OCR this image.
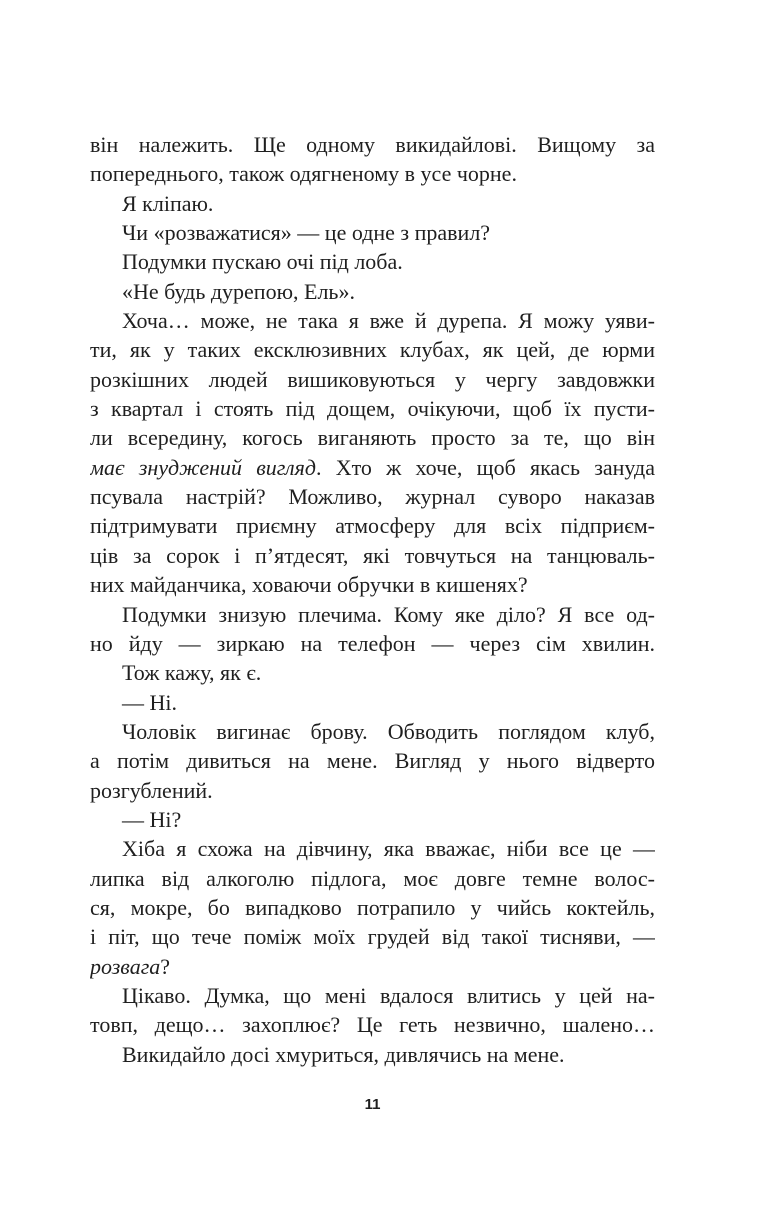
він належить. Ще одному викидайлові. Вищому за
попереднього, також одягненому в усе чорне.
Я кліпаю.
Чи «розважатися» — це одне з правил?
Подумки пускаю очі під лоба.
«Не будь дурепою, Ель».
Хоча… може, не така я вже й дурепа. Я можу уяви-
ти, як у таких ексклюзивних клубах, як цей, де юрми
розкішних людей вишиковуються у чергу завдовжки
з квартал і стоять під дощем, очікуючи, щоб їх пусти-
ли всередину, когось виганяють просто за те, що він
має знуджений вигляд. Хто ж хоче, щоб якась зануда
псувала настрій? Можливо, журнал суворо наказав
підтримувати приємну атмосферу для всіх підприєм-
ців за сорок і п’ятдесят, які товчуться на танцюваль-
них майданчика, ховаючи обручки в кишенях?
Подумки знизую плечима. Кому яке діло? Я все од-
но йду — зиркаю на телефон — через сім хвилин.
Тож кажу, як є.
— Ні.
Чоловік вигинає брову. Обводить поглядом клуб,
а потім дивиться на мене. Вигляд у нього відверто
розгублений.
— Ні?
Хіба я схожа на дівчину, яка вважає, ніби все це —
липка від алкоголю підлога, моє довге темне волос-
ся, мокре, бо випадково потрапило у чийсь коктейль,
і піт, що тече поміж моїх грудей від такої тисняви, —
розвага?
Цікаво. Думка, що мені вдалося влитись у цей на-
товп, дещо… захоплює? Це геть незвично, шалено…
Викидайло досі хмуриться, дивлячись на мене.
11
